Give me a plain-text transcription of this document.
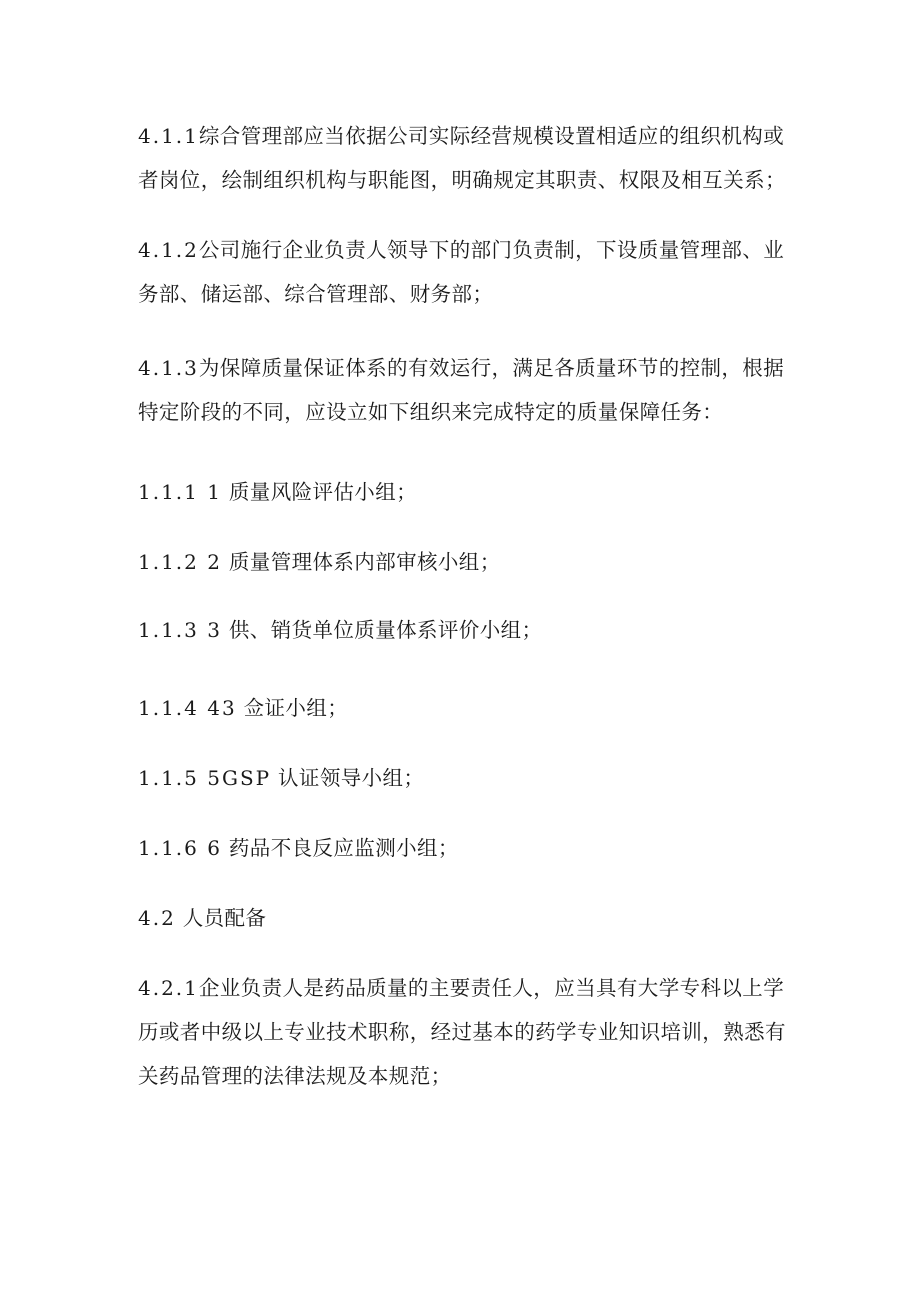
4.1.1综合管理部应当依据公司实际经营规模设置相适应的组织机构或者岗位，绘制组织机构与职能图，明确规定其职责、权限及相互关系；

4.1.2公司施行企业负责人领导下的部门负责制，下设质量管理部、业务部、储运部、综合管理部、财务部；

4.1.3为保障质量保证体系的有效运行，满足各质量环节的控制，根据特定阶段的不同，应设立如下组织来完成特定的质量保障任务：

1.1.1 1 质量风险评估小组；

1.1.2 2 质量管理体系内部审核小组；

1.1.3 3 供、销货单位质量体系评价小组；

1.1.4 43 佥证小组；

1.1.5 5GSP 认证领导小组；

1.1.6 6 药品不良反应监测小组；

4.2 人员配备

4.2.1企业负责人是药品质量的主要责任人，应当具有大学专科以上学历或者中级以上专业技术职称，经过基本的药学专业知识培训，熟悉有关药品管理的法律法规及本规范；
